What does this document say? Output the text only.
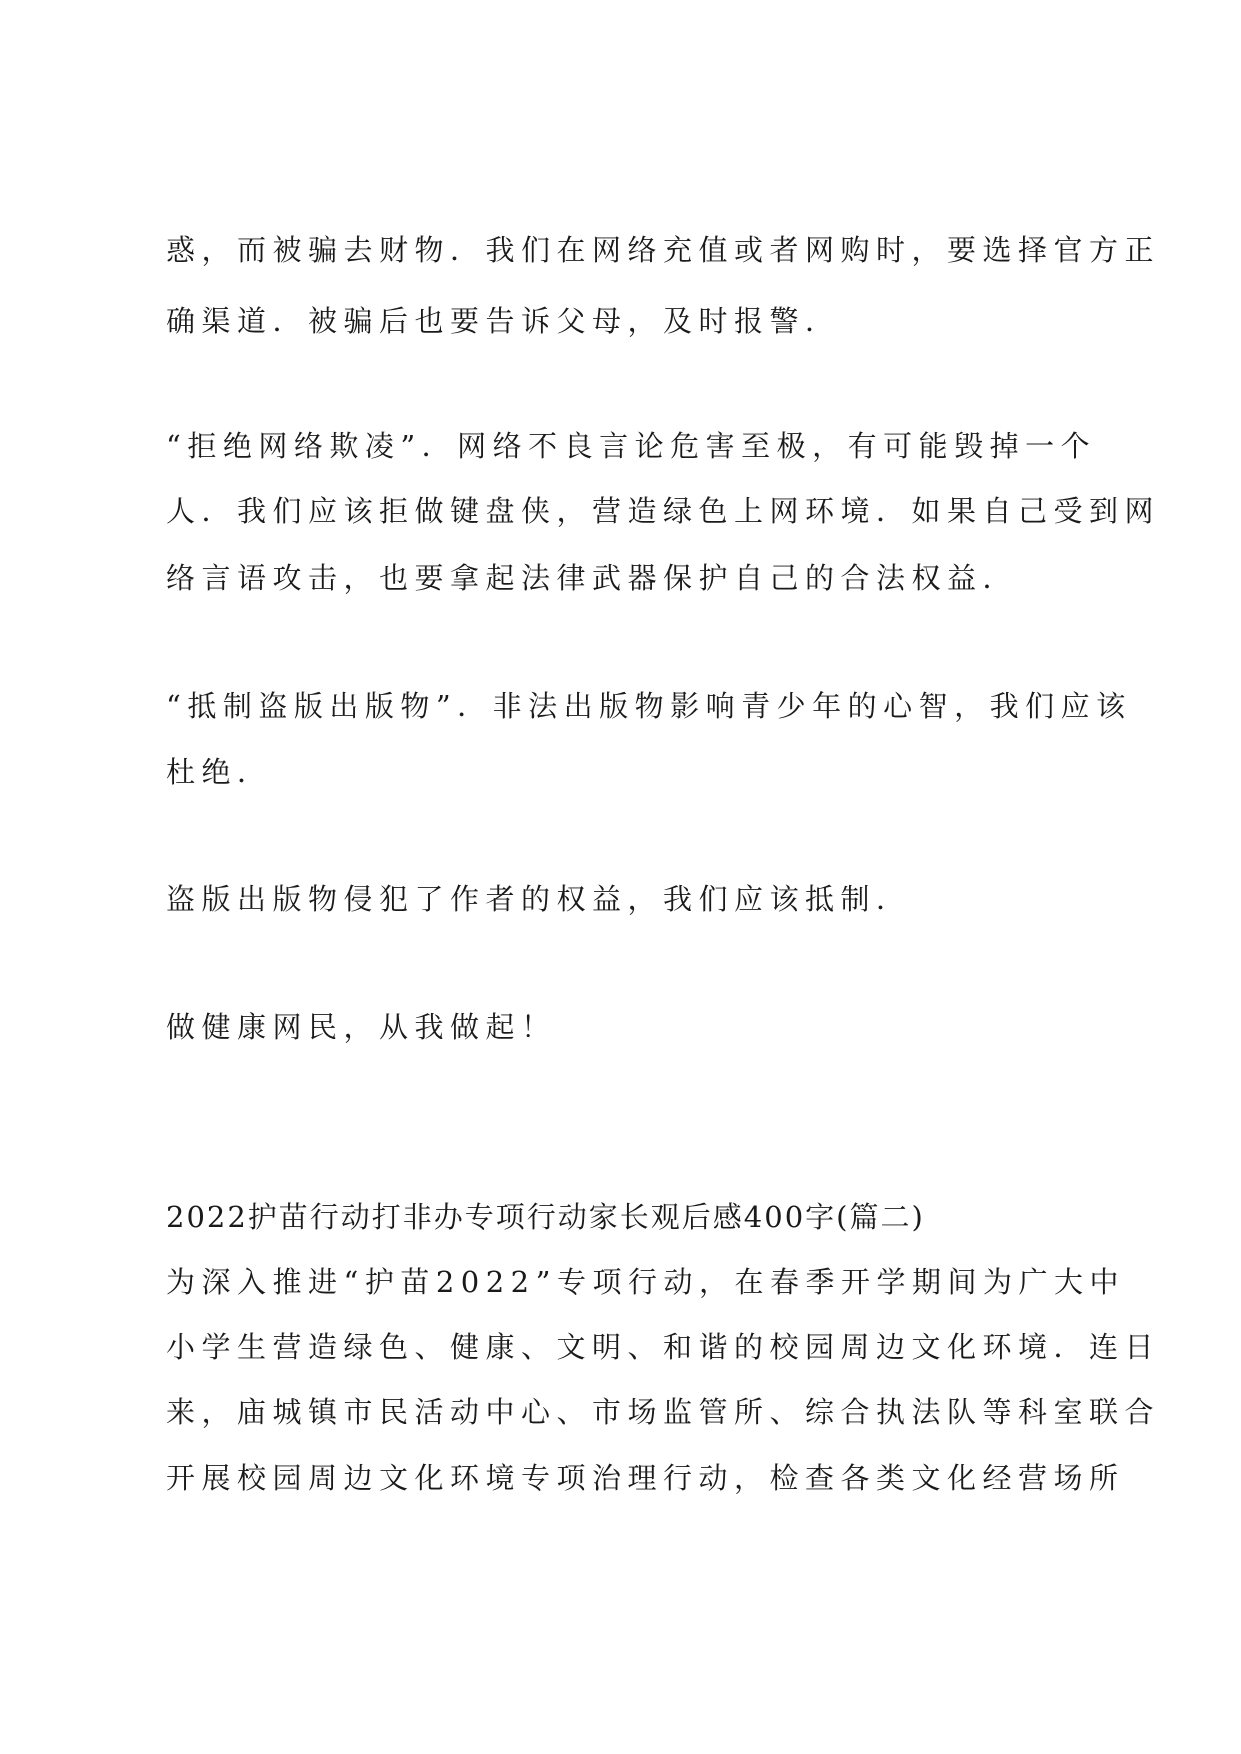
惑，而被骗去财物．我们在网络充值或者网购时，要选择官方正
确渠道．被骗后也要告诉父母，及时报警．
“拒绝网络欺凌”．网络不良言论危害至极，有可能毁掉一个
人．我们应该拒做键盘侠，营造绿色上网环境．如果自己受到网
络言语攻击，也要拿起法律武器保护自己的合法权益．
“抵制盗版出版物”．非法出版物影响青少年的心智，我们应该
杜绝．
盗版出版物侵犯了作者的权益，我们应该抵制．
做健康网民，从我做起！
2022护苗行动打非办专项行动家长观后感400字(篇二)
为深入推进“护苗2022”专项行动，在春季开学期间为广大中
小学生营造绿色、健康、文明、和谐的校园周边文化环境．连日
来，庙城镇市民活动中心、市场监管所、综合执法队等科室联合
开展校园周边文化环境专项治理行动，检查各类文化经营场所
